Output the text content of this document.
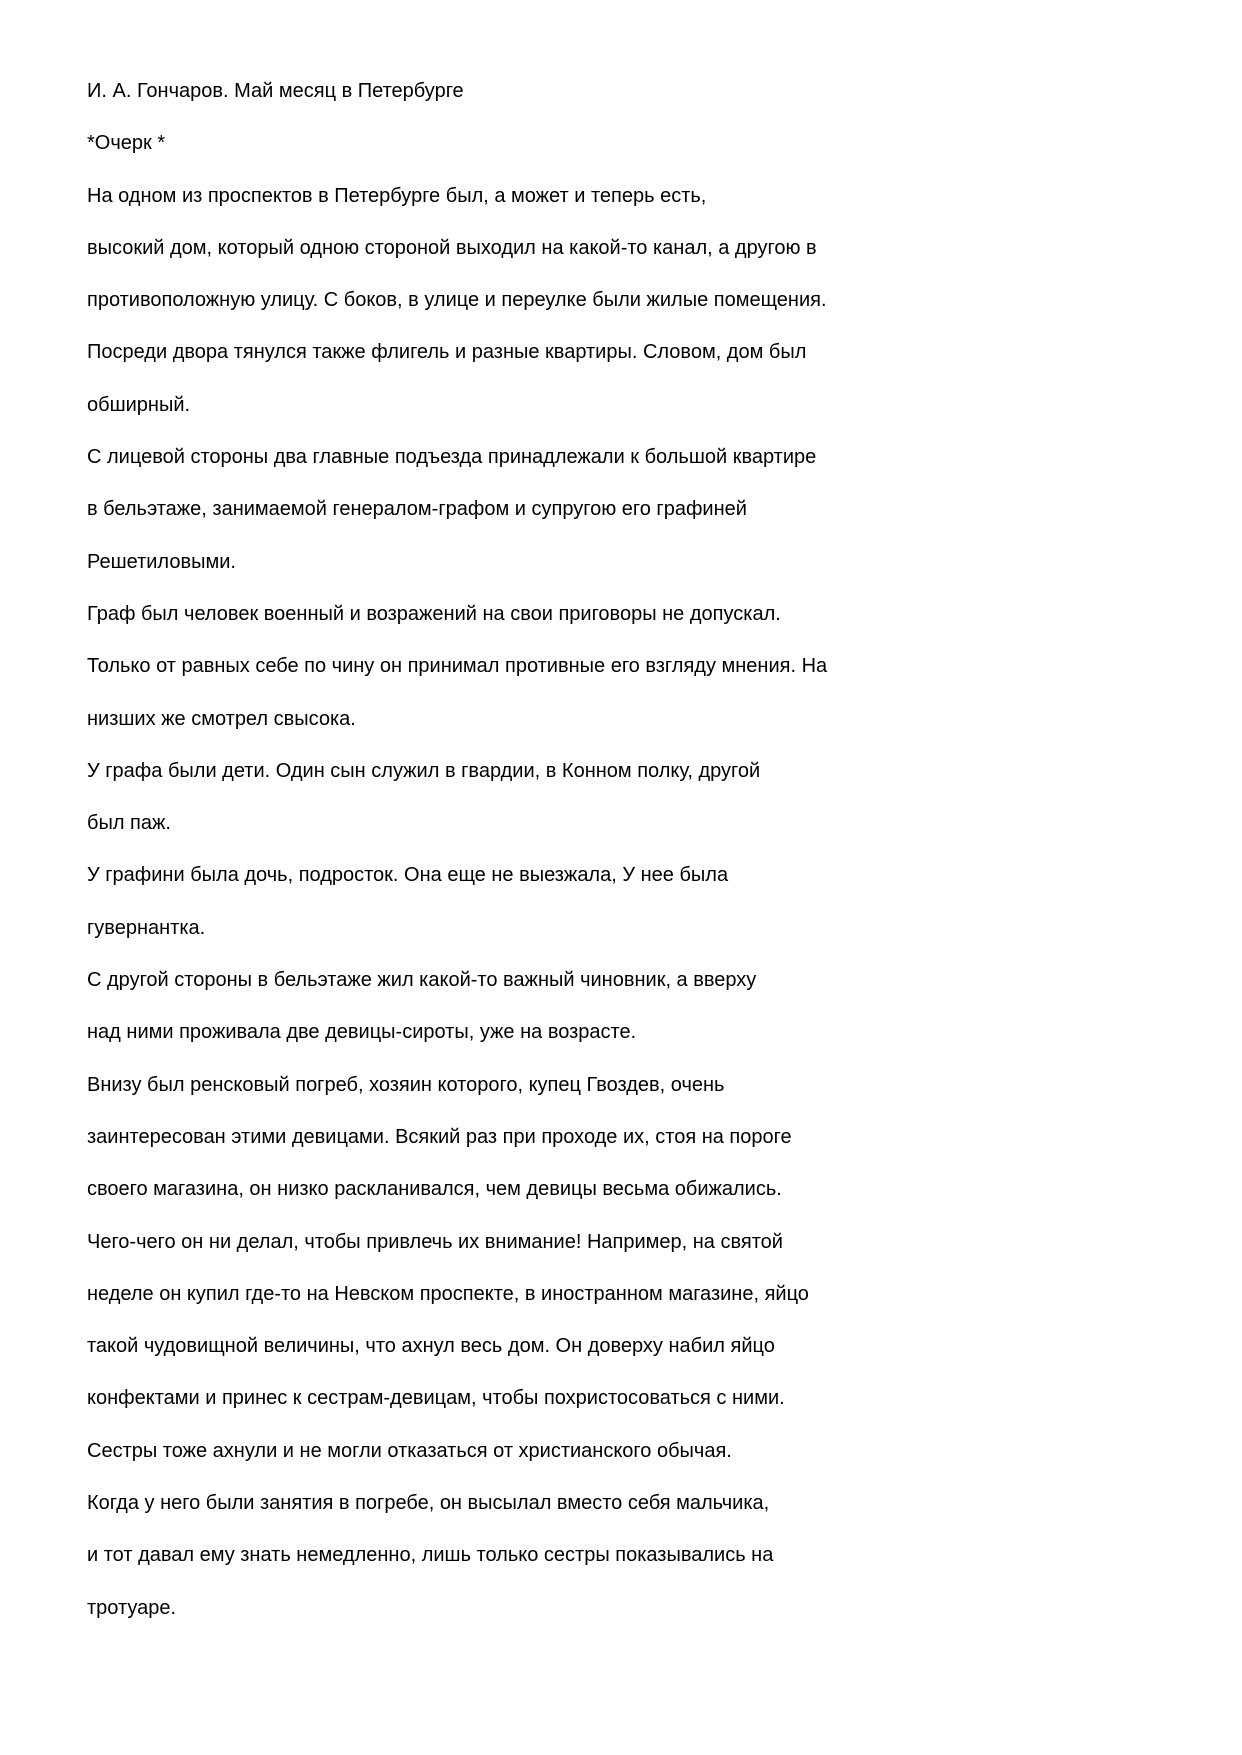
И. А. Гончаров. Май месяц в Петербурге
*Очерк *
На одном из проспектов в Петербурге был, а может и теперь есть,
высокий дом, который одною стороной выходил на какой-то канал, а другою в
противоположную улицу. С боков, в улице и переулке были жилые помещения.
Посреди двора тянулся также флигель и разные квартиры. Словом, дом был
обширный.
С лицевой стороны два главные подъезда принадлежали к большой квартире
в бельэтаже, занимаемой генералом-графом и супругою его графиней
Решетиловыми.
Граф был человек военный и возражений на свои приговоры не допускал.
Только от равных себе по чину он принимал противные его взгляду мнения. На
низших же смотрел свысока.
У графа были дети. Один сын служил в гвардии, в Конном полку, другой
был паж.
У графини была дочь, подросток. Она еще не выезжала, У нее была
гувернантка.
С другой стороны в бельэтаже жил какой-то важный чиновник, а вверху
над ними проживала две девицы-сироты, уже на возрасте.
Внизу был ренсковый погреб, хозяин которого, купец Гвоздев, очень
заинтересован этими девицами. Всякий раз при проходе их, стоя на пороге
своего магазина, он низко раскланивался, чем девицы весьма обижались.
Чего-чего он ни делал, чтобы привлечь их внимание! Например, на святой
неделе он купил где-то на Невском проспекте, в иностранном магазине, яйцо
такой чудовищной величины, что ахнул весь дом. Он доверху набил яйцо
конфектами и принес к сестрам-девицам, чтобы похристосоваться с ними.
Сестры тоже ахнули и не могли отказаться от христианского обычая.
Когда у него были занятия в погребе, он высылал вместо себя мальчика,
и тот давал ему знать немедленно, лишь только сестры показывались на
тротуаре.
